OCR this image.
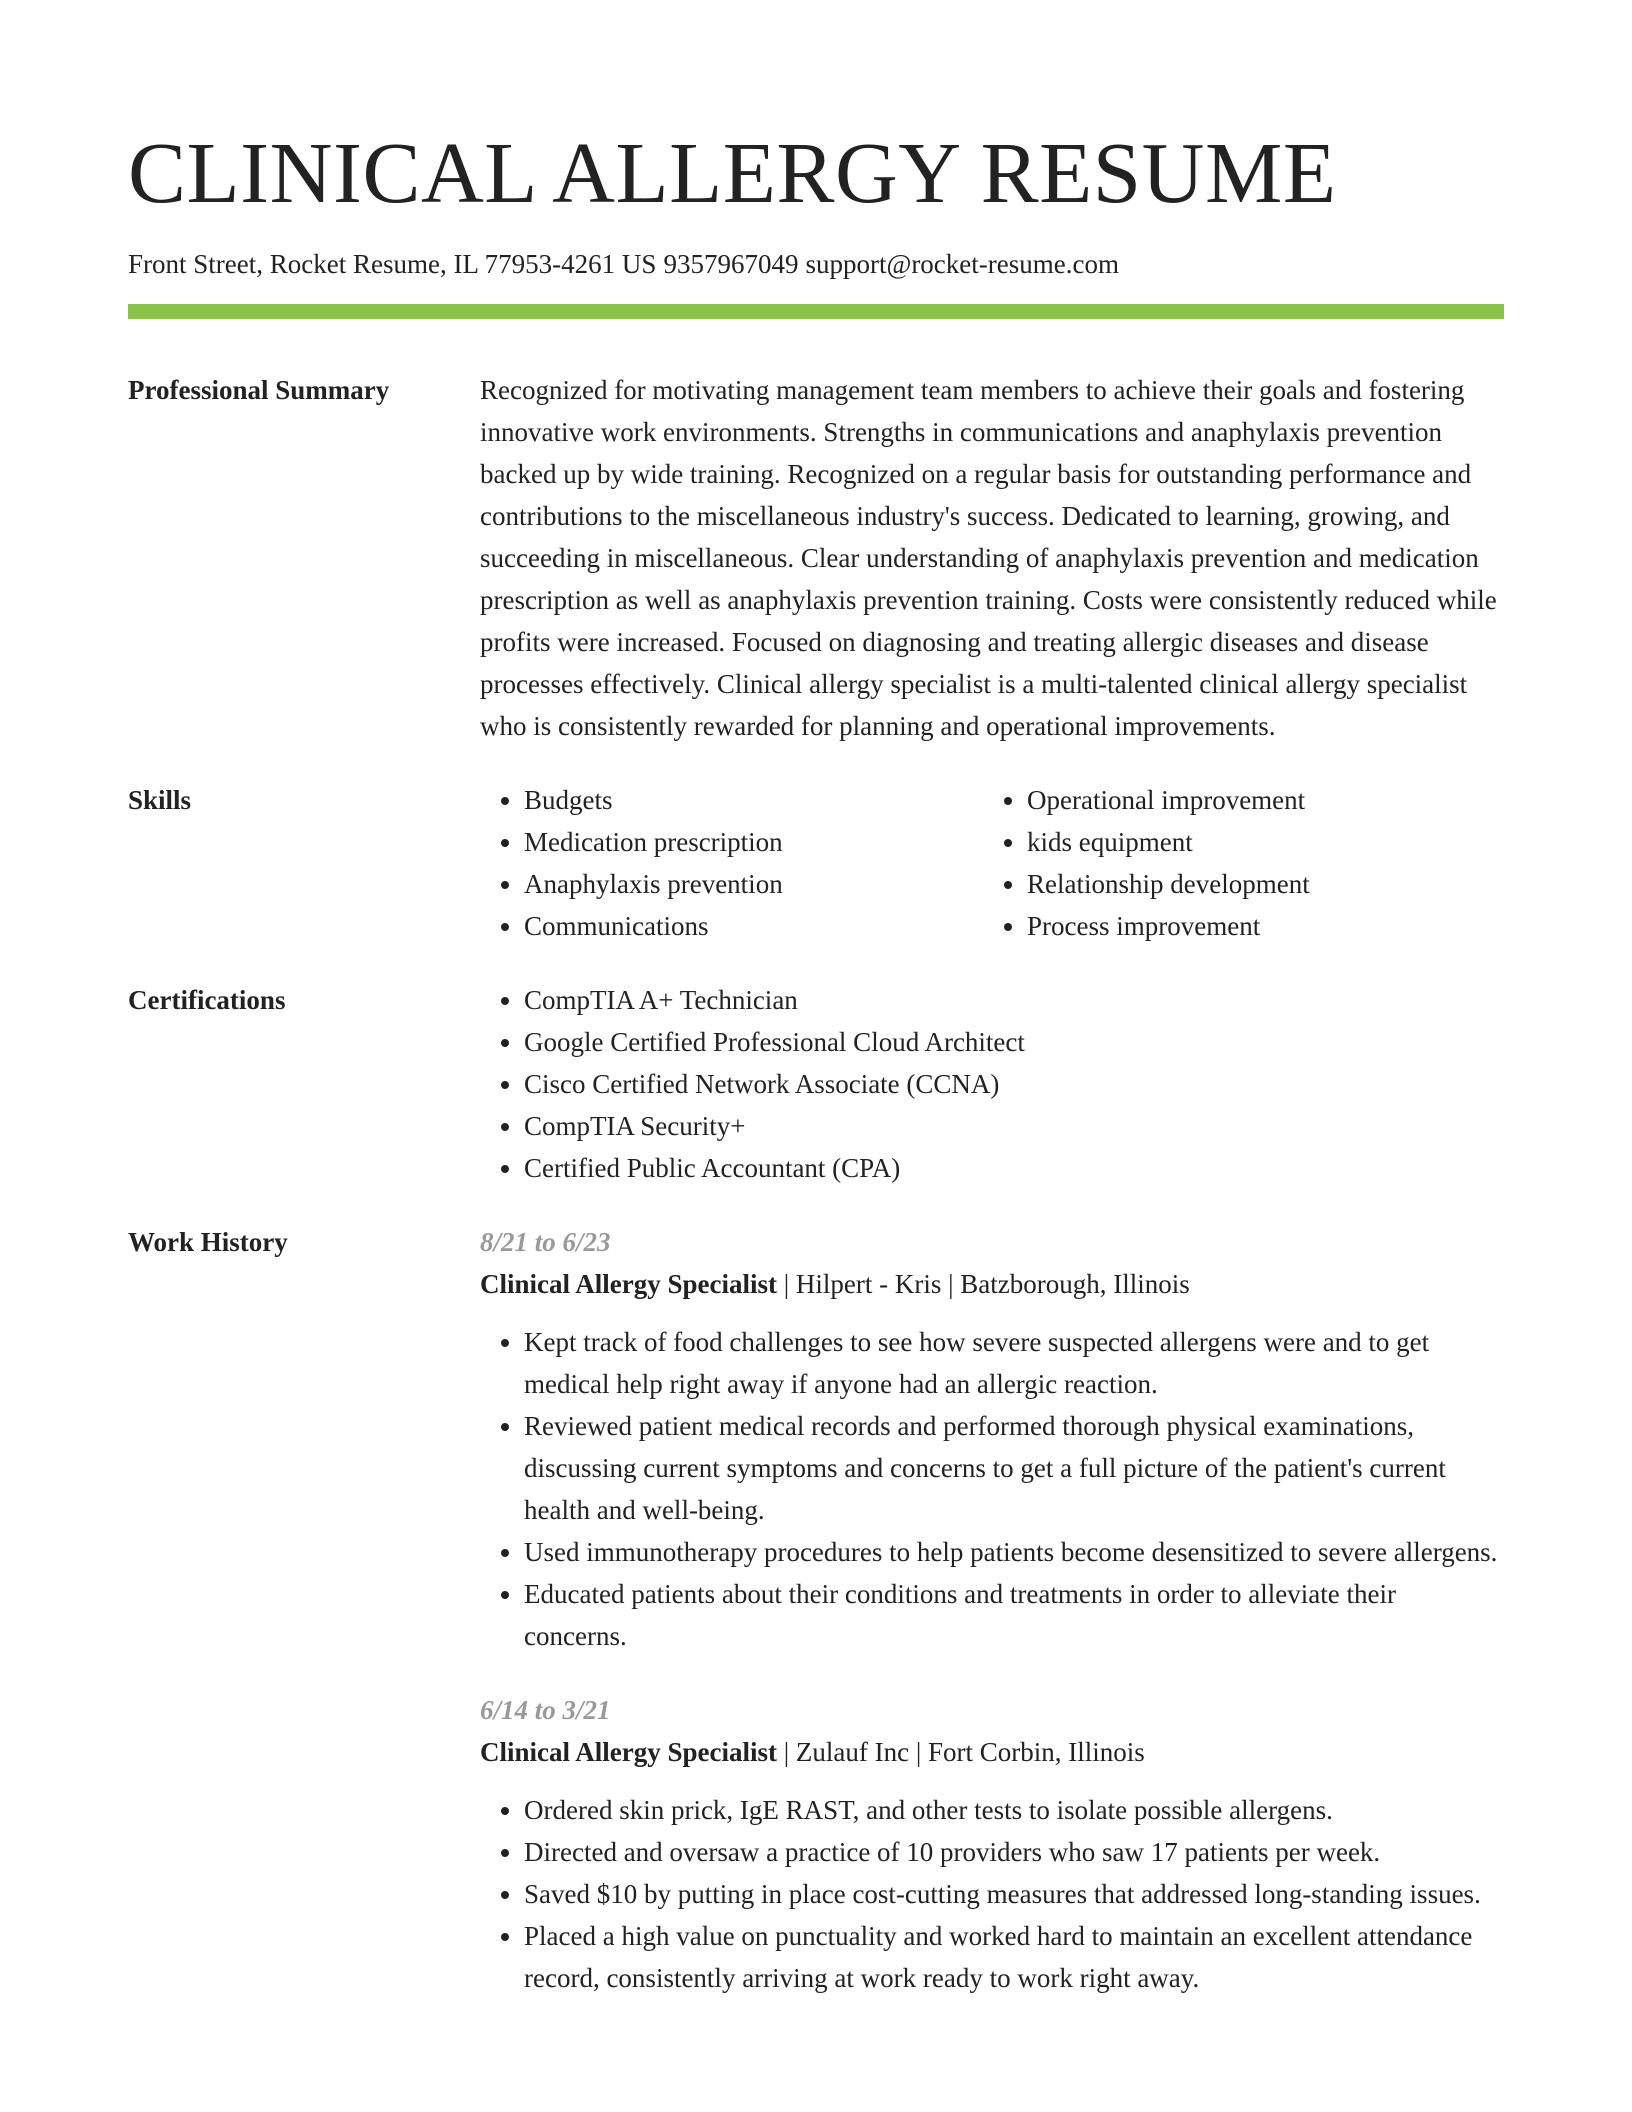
CLINICAL ALLERGY RESUME
Front Street, Rocket Resume, IL 77953-4261 US 9357967049 support@rocket-resume.com
Professional Summary	Recognized for motivating management team members to achieve their goals and fostering innovative work environments. Strengths in communications and anaphylaxis prevention backed up by wide training. Recognized on a regular basis for outstanding performance and contributions to the miscellaneous industry's success. Dedicated to learning, growing, and succeeding in miscellaneous. Clear understanding of anaphylaxis prevention and medication prescription as well as anaphylaxis prevention training. Costs were consistently reduced while profits were increased. Focused on diagnosing and treating allergic diseases and disease processes effectively. Clinical allergy specialist is a multi-talented clinical allergy specialist who is consistently rewarded for planning and operational improvements.

Skills	• Budgets
• Medication prescription
• Anaphylaxis prevention
• Communications
• Operational improvement
• kids equipment
• Relationship development
• Process improvement
Certifications	• CompTIA A+ Technician
• Google Certified Professional Cloud Architect
• Cisco Certified Network Associate (CCNA)
• CompTIA Security+
• Certified Public Accountant (CPA)
Work History	8/21 to 6/23
Clinical Allergy Specialist | Hilpert - Kris | Batzborough, Illinois
• Kept track of food challenges to see how severe suspected allergens were and to get medical help right away if anyone had an allergic reaction.
• Reviewed patient medical records and performed thorough physical examinations, discussing current symptoms and concerns to get a full picture of the patient's current health and well-being.
• Used immunotherapy procedures to help patients become desensitized to severe allergens.
• Educated patients about their conditions and treatments in order to alleviate their concerns.
6/14 to 3/21
Clinical Allergy Specialist | Zulauf Inc | Fort Corbin, Illinois
• Ordered skin prick, IgE RAST, and other tests to isolate possible allergens.
• Directed and oversaw a practice of 10 providers who saw 17 patients per week.
• Saved $10 by putting in place cost-cutting measures that addressed long-standing issues.
• Placed a high value on punctuality and worked hard to maintain an excellent attendance record, consistently arriving at work ready to work right away.
